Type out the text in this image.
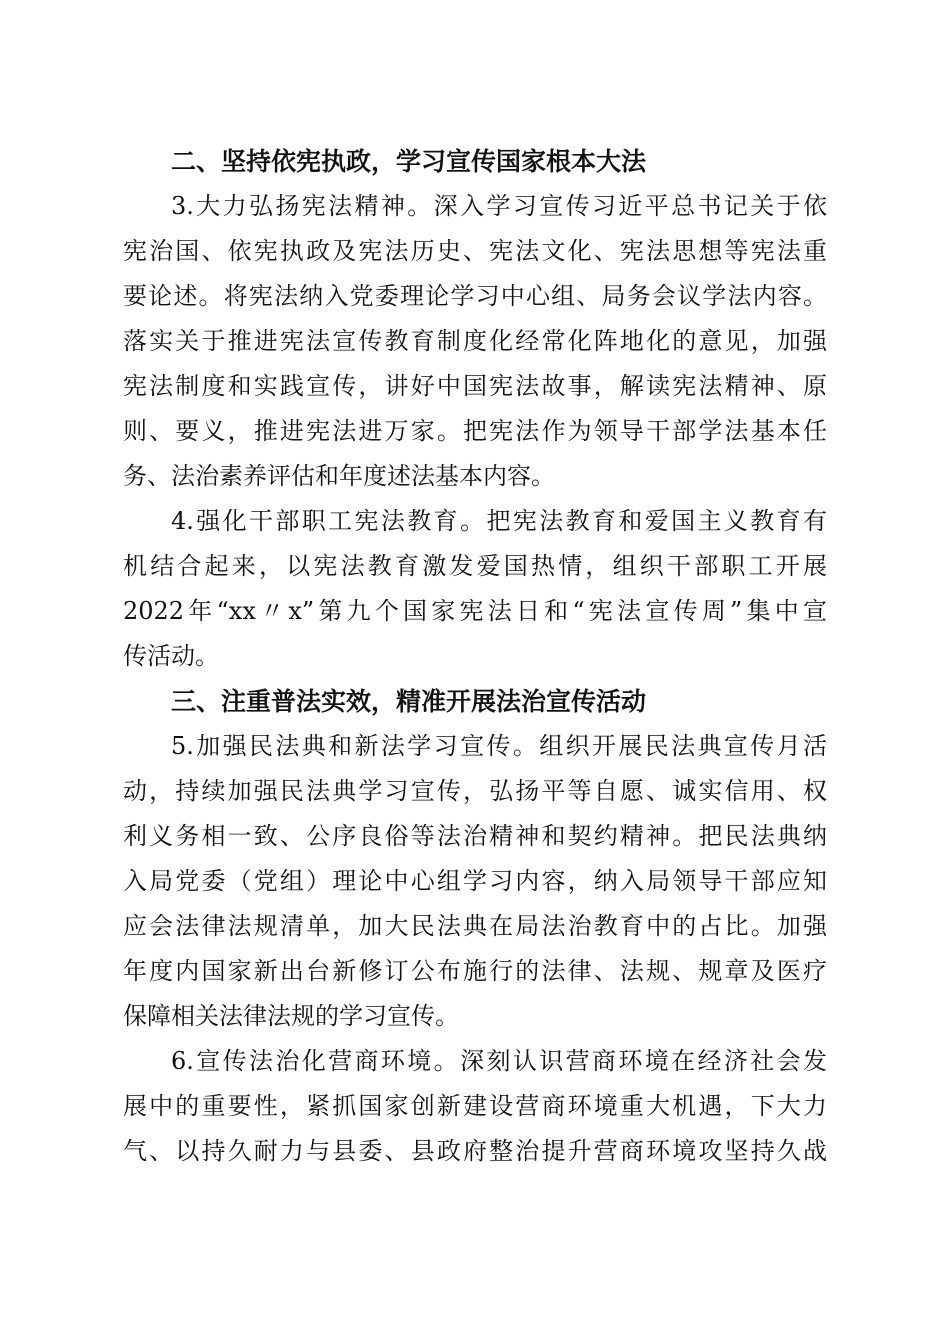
二、坚持依宪执政，学习宣传国家根本大法
3.大力弘扬宪法精神。深入学习宣传习近平总书记关于依
宪治国、依宪执政及宪法历史、宪法文化、宪法思想等宪法重
要论述。将宪法纳入党委理论学习中心组、局务会议学法内容。
落实关于推进宪法宣传教育制度化经常化阵地化的意见，加强
宪法制度和实践宣传，讲好中国宪法故事，解读宪法精神、原
则、要义，推进宪法进万家。把宪法作为领导干部学法基本任
务、法治素养评估和年度述法基本内容。
4.强化干部职工宪法教育。把宪法教育和爱国主义教育有
机结合起来，以宪法教育激发爱国热情，组织干部职工开展
2022年“xx〃x”第九个国家宪法日和“宪法宣传周”集中宣
传活动。
三、注重普法实效，精准开展法治宣传活动
5.加强民法典和新法学习宣传。组织开展民法典宣传月活
动，持续加强民法典学习宣传，弘扬平等自愿、诚实信用、权
利义务相一致、公序良俗等法治精神和契约精神。把民法典纳
入局党委（党组）理论中心组学习内容，纳入局领导干部应知
应会法律法规清单，加大民法典在局法治教育中的占比。加强
年度内国家新出台新修订公布施行的法律、法规、规章及医疗
保障相关法律法规的学习宣传。
6.宣传法治化营商环境。深刻认识营商环境在经济社会发
展中的重要性，紧抓国家创新建设营商环境重大机遇，下大力
气、以持久耐力与县委、县政府整治提升营商环境攻坚持久战
